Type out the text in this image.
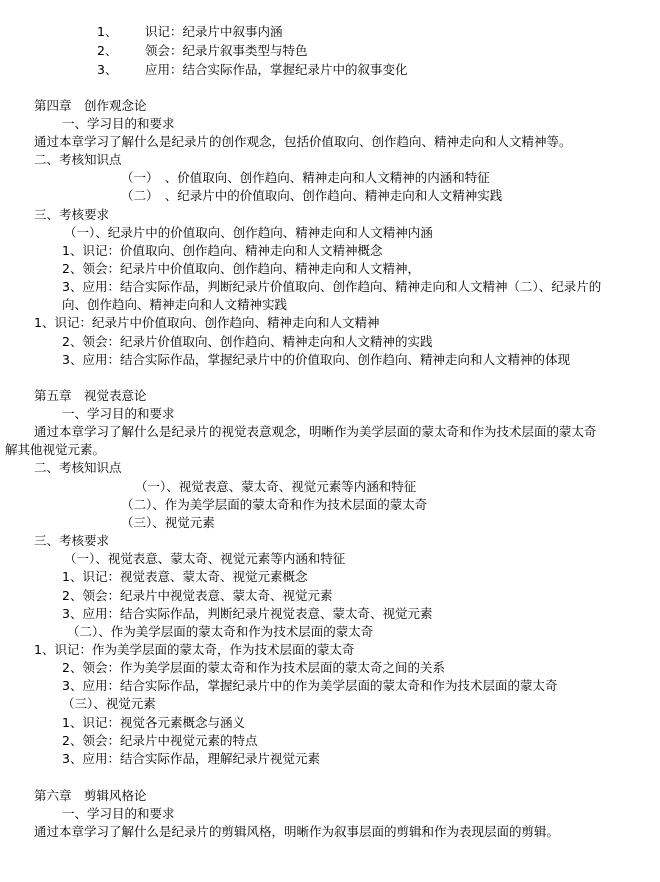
1、 识记：纪录片中叙事内涵
2、 领会：纪录片叙事类型与特色
3、 应用：结合实际作品，掌握纪录片中的叙事变化
第四章　创作观念论
一、学习目的和要求
通过本章学习了解什么是纪录片的创作观念，包括价值取向、创作趋向、精神走向和人文精神等。
二、考核知识点
（一）　、价值取向、创作趋向、精神走向和人文精神的内涵和特征
（二）　、纪录片中的价值取向、创作趋向、精神走向和人文精神实践
三、考核要求
（一）、纪录片中的价值取向、创作趋向、精神走向和人文精神内涵
1、识记：价值取向、创作趋向、精神走向和人文精神概念
2、领会：纪录片中价值取向、创作趋向、精神走向和人文精神，
3、应用：结合实际作品，判断纪录片价值取向、创作趋向、精神走向和人文精神（二）、纪录片的
向、创作趋向、精神走向和人文精神实践
1、识记：纪录片中价值取向、创作趋向、精神走向和人文精神
2、领会：纪录片价值取向、创作趋向、精神走向和人文精神的实践
3、应用：结合实际作品，掌握纪录片中的价值取向、创作趋向、精神走向和人文精神的体现
第五章　视觉表意论
一、学习目的和要求
通过本章学习了解什么是纪录片的视觉表意观念，明晰作为美学层面的蒙太奇和作为技术层面的蒙太奇
解其他视觉元素。
二、考核知识点
（一）、视觉表意、蒙太奇、视觉元素等内涵和特征
（二）、作为美学层面的蒙太奇和作为技术层面的蒙太奇
（三）、视觉元素
三、考核要求
（一）、视觉表意、蒙太奇、视觉元素等内涵和特征
1、识记：视觉表意、蒙太奇、视觉元素概念
2、领会：纪录片中视觉表意、蒙太奇、视觉元素
3、应用：结合实际作品，判断纪录片视觉表意、蒙太奇、视觉元素
（二）、作为美学层面的蒙太奇和作为技术层面的蒙太奇
1、识记：作为美学层面的蒙太奇，作为技术层面的蒙太奇
2、领会：作为美学层面的蒙太奇和作为技术层面的蒙太奇之间的关系
3、应用：结合实际作品，掌握纪录片中的作为美学层面的蒙太奇和作为技术层面的蒙太奇
（三）、视觉元素
1、识记：视觉各元素概念与涵义
2、领会：纪录片中视觉元素的特点
3、应用：结合实际作品，理解纪录片视觉元素
第六章　剪辑风格论
一、学习目的和要求
通过本章学习了解什么是纪录片的剪辑风格，明晰作为叙事层面的剪辑和作为表现层面的剪辑。
